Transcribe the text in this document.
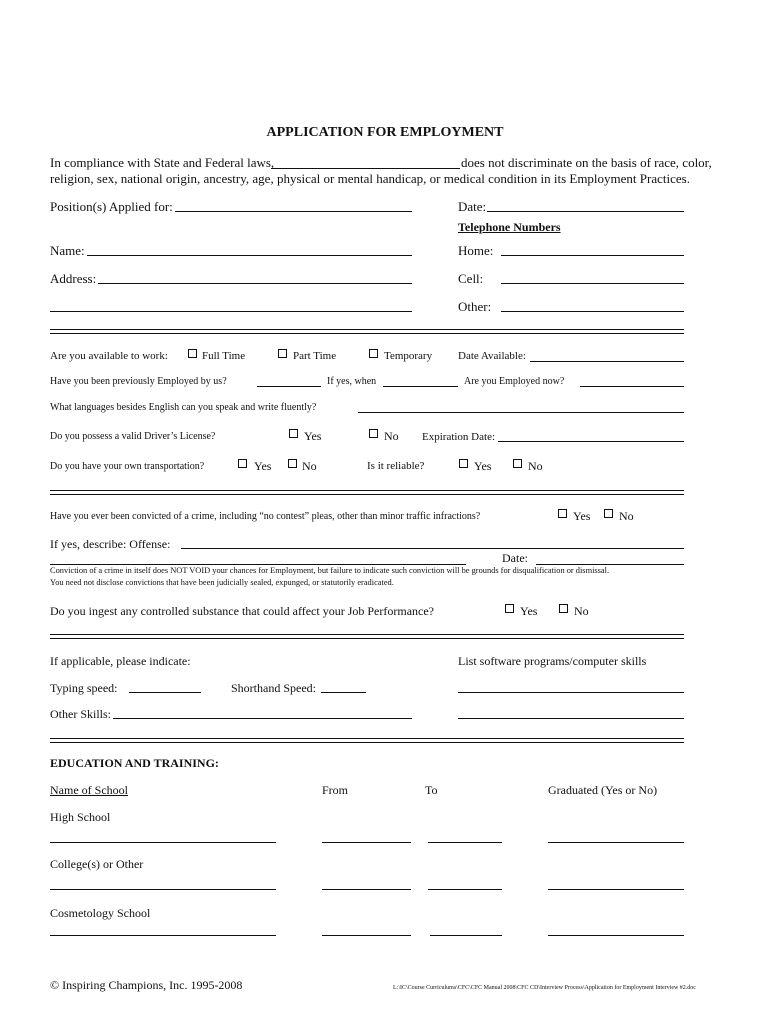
APPLICATION FOR EMPLOYMENT
In compliance with State and Federal laws,	does not discriminate on the basis of race, color,
religion, sex, national origin, ancestry, age, physical or mental handicap, or medical condition in its Employment Practices.
Position(s) Applied for:	Date:
Telephone Numbers
Name:	Home:
Address:	Cell:
Other:
Are you available to work:	Full Time	Part Time	Temporary Date Available:
Have you been previously Employed by us?	If yes, when	Are you Employed now?
What languages besides English can you speak and write fluently?
Do you possess a valid Driver’s License?	Yes	No Expiration Date:
Do you have your own transportation?	Yes	No	Is it reliable?	Yes	No
Have you ever been convicted of a crime, including “no contest” pleas, other than minor traffic infractions?	Yes No
If yes, describe: Offense:
Date:
Conviction of a crime in itself does NOT VOID your chances for Employment, but failure to indicate such conviction will be grounds for disqualification or dismissal.
You need not disclose convictions that have been judicially sealed, expunged, or statutorily eradicated.
Do you ingest any controlled substance that could affect your Job Performance?	Yes	No
If applicable, please indicate:	List software programs/computer skills
Typing speed:	Shorthand Speed:
Other Skills:
EDUCATION AND TRAINING:
Name of School	From	To	Graduated (Yes or No)
High School
College(s) or Other
Cosmetology School
© Inspiring Champions, Inc. 1995-2008	L:\IC\Course Curriculums\CFC\CFC Manual 2008\CFC CD\Interview Process\Application for Employment Interview #2.doc
